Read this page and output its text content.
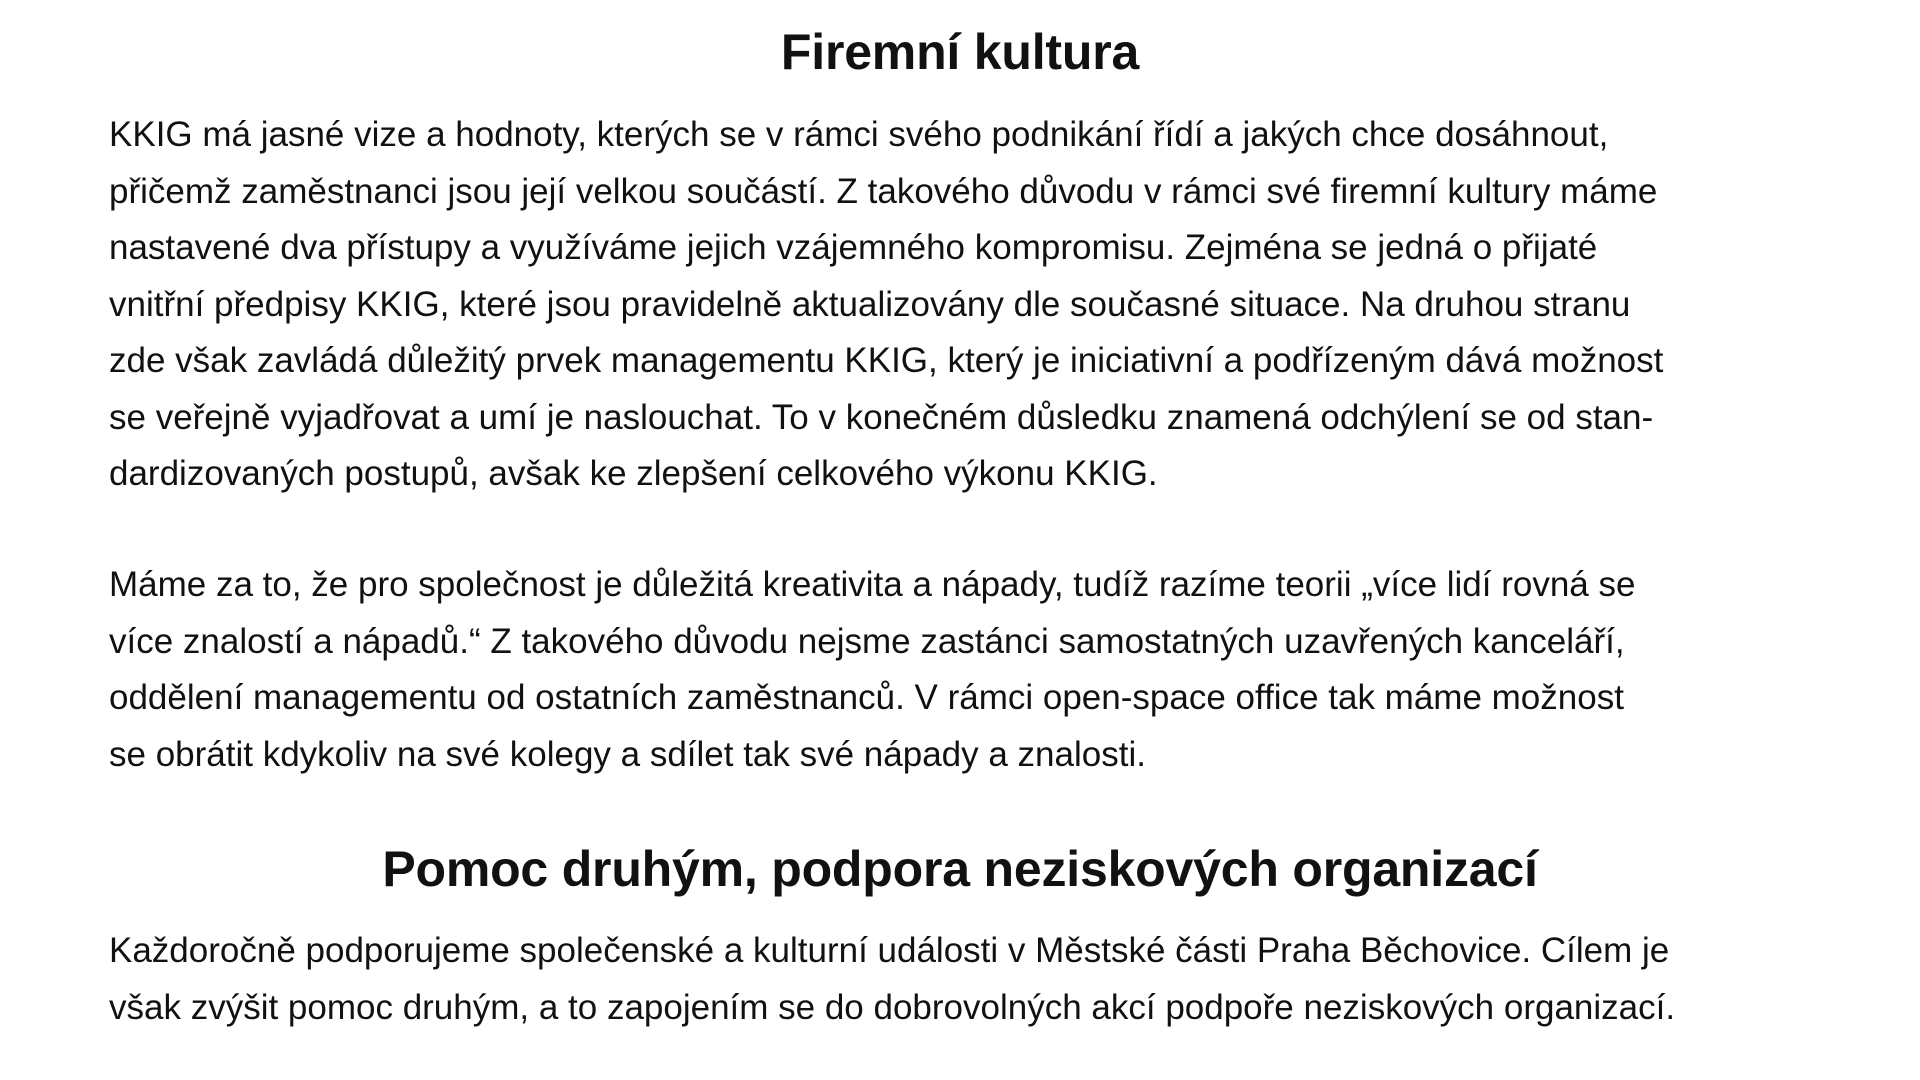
Firemní kultura

KKIG má jasné vize a hodnoty, kterých se v rámci svého podnikání řídí a jakých chce dosáhnout,
přičemž zaměstnanci jsou její velkou součástí. Z takového důvodu v rámci své firemní kultury máme
nastavené dva přístupy a využíváme jejich vzájemného kompromisu. Zejména se jedná o přijaté
vnitřní předpisy KKIG, které jsou pravidelně aktualizovány dle současné situace. Na druhou stranu
zde však zavládá důležitý prvek managementu KKIG, který je iniciativní a podřízeným dává možnost
se veřejně vyjadřovat a umí je naslouchat. To v konečném důsledku znamená odchýlení se od stan-
dardizovaných postupů, avšak ke zlepšení celkového výkonu KKIG.

Máme za to, že pro společnost je důležitá kreativita a nápady, tudíž razíme teorii „více lidí rovná se
více znalostí a nápadů.“ Z takového důvodu nejsme zastánci samostatných uzavřených kanceláří,
oddělení managementu od ostatních zaměstnanců. V rámci open-space office tak máme možnost
se obrátit kdykoliv na své kolegy a sdílet tak své nápady a znalosti.

Pomoc druhým, podpora neziskových organizací

Každoročně podporujeme společenské a kulturní události v Městské části Praha Běchovice. Cílem je
však zvýšit pomoc druhým, a to zapojením se do dobrovolných akcí podpoře neziskových organizací.
